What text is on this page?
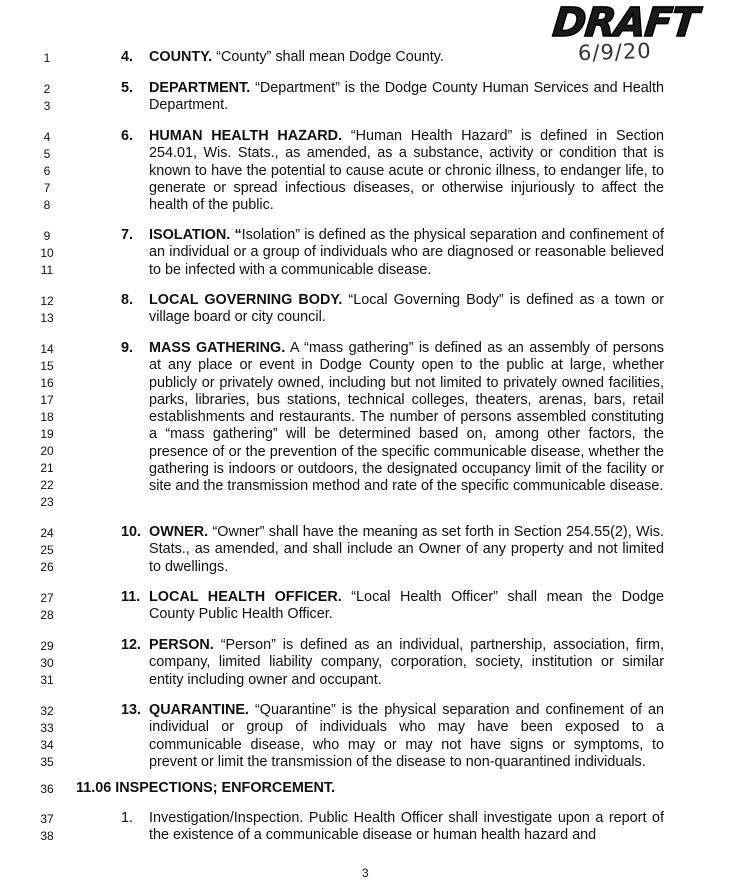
DRAFT
6/9/20
1
2
3
4
5
6
7
8
9
10
11
12
13
14
15
16
17
18
19
20
21
22
23
24
25
26
27
28
29
30
31
32
33
34
35
36
37
38
4. COUNTY. “County” shall mean Dodge County.
5. DEPARTMENT. “Department” is the Dodge County Human Services and Health Department.
6. HUMAN HEALTH HAZARD. “Human Health Hazard” is defined in Section 254.01, Wis. Stats., as amended, as a substance, activity or condition that is known to have the potential to cause acute or chronic illness, to endanger life, to generate or spread infectious diseases, or otherwise injuriously to affect the health of the public.
7. ISOLATION. “Isolation” is defined as the physical separation and confinement of an individual or a group of individuals who are diagnosed or reasonable believed to be infected with a communicable disease.
8. LOCAL GOVERNING BODY. “Local Governing Body” is defined as a town or village board or city council.
9. MASS GATHERING. A “mass gathering” is defined as an assembly of persons at any place or event in Dodge County open to the public at large, whether publicly or privately owned, including but not limited to privately owned facilities, parks, libraries, bus stations, technical colleges, theaters, arenas, bars, retail establishments and restaurants. The number of persons assembled constituting a “mass gathering” will be determined based on, among other factors, the presence of or the prevention of the specific communicable disease, whether the gathering is indoors or outdoors, the designated occupancy limit of the facility or site and the transmission method and rate of the specific communicable disease.
10. OWNER. “Owner” shall have the meaning as set forth in Section 254.55(2), Wis. Stats., as amended, and shall include an Owner of any property and not limited to dwellings.
11. LOCAL HEALTH OFFICER. “Local Health Officer” shall mean the Dodge County Public Health Officer.
12. PERSON. “Person” is defined as an individual, partnership, association, firm, company, limited liability company, corporation, society, institution or similar entity including owner and occupant.
13. QUARANTINE. “Quarantine” is the physical separation and confinement of an individual or group of individuals who may have been exposed to a communicable disease, who may or may not have signs or symptoms, to prevent or limit the transmission of the disease to non-quarantined individuals.
11.06 INSPECTIONS; ENFORCEMENT.
1. Investigation/Inspection. Public Health Officer shall investigate upon a report of the existence of a communicable disease or human health hazard and
3
